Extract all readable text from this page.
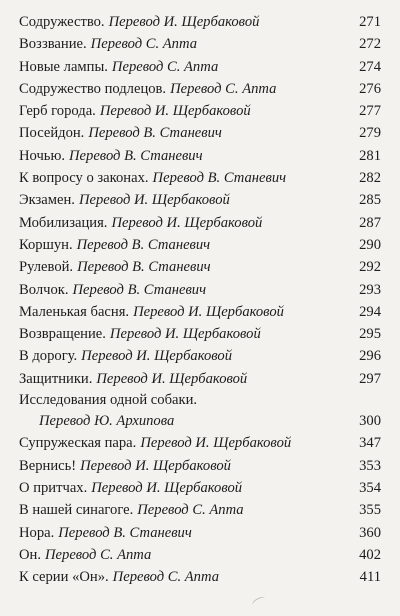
Содружество. Перевод И. Щербаковой	271
Воззвание. Перевод С. Апта	272
Новые лампы. Перевод С. Апта	274
Содружество подлецов. Перевод С. Апта	276
Герб города. Перевод И. Щербаковой	277
Посейдон. Перевод В. Станевич	279
Ночью. Перевод В. Станевич	281
К вопросу о законах. Перевод В. Станевич	282
Экзамен. Перевод И. Щербаковой	285
Мобилизация. Перевод И. Щербаковой	287
Коршун. Перевод В. Станевич	290
Рулевой. Перевод В. Станевич	292
Волчок. Перевод В. Станевич	293
Маленькая басня. Перевод И. Щербаковой	294
Возвращение. Перевод И. Щербаковой	295
В дорогу. Перевод И. Щербаковой	296
Защитники. Перевод И. Щербаковой	297
Исследования одной собаки.
Перевод Ю. Архипова	300
Супружеская пара. Перевод И. Щербаковой	347
Вернись! Перевод И. Щербаковой	353
О притчах. Перевод И. Щербаковой	354
В нашей синагоге. Перевод С. Апта	355
Нора. Перевод В. Станевич	360
Он. Перевод С. Апта	402
К серии «Он». Перевод С. Апта	411
